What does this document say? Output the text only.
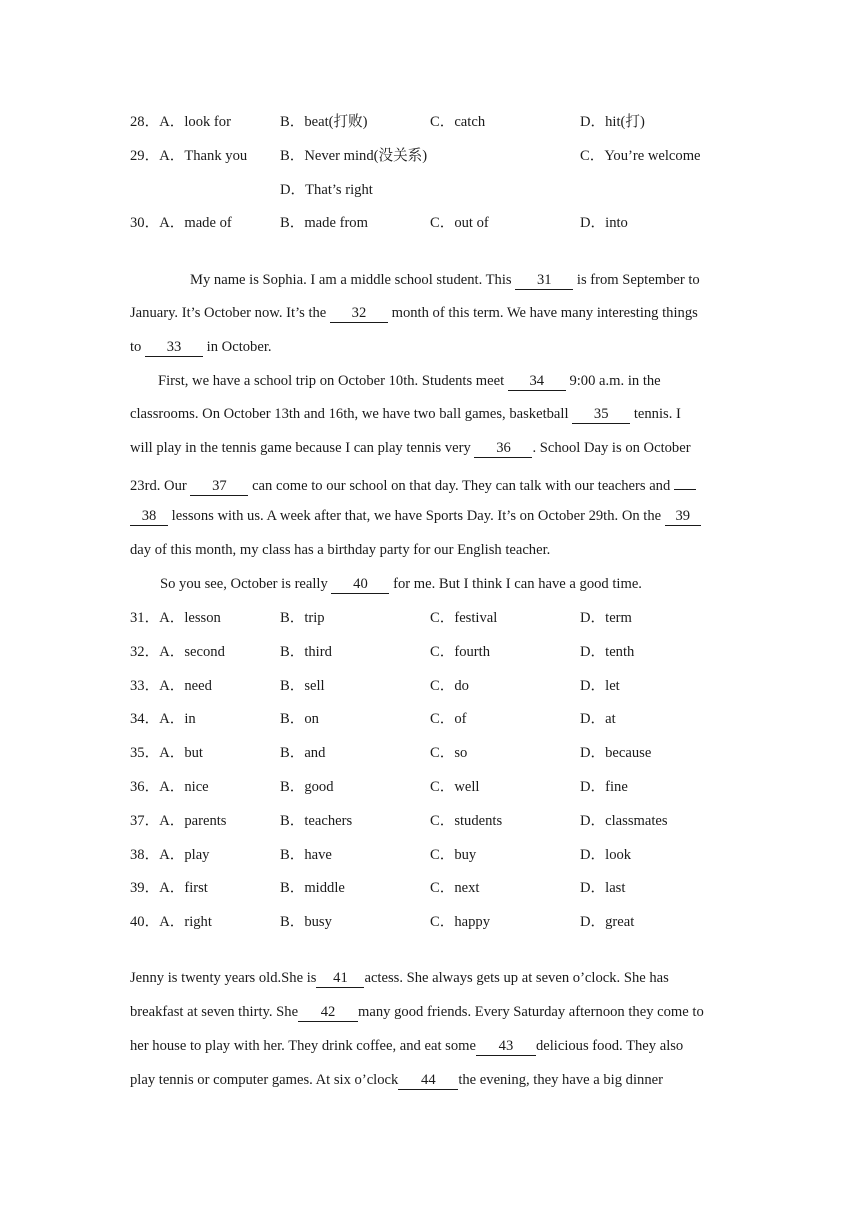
28．A．look for	B．beat(打败)	C．catch	D．hit(打)
29．A．Thank you B．Never mind(没关系)	C．You’re welcome
D．That’s right
30．A．made of	B．made from	C．out of	D．into
My name is Sophia. I am a middle school student. This 31 is from September to
January. It’s October now. It’s the 32 month of this term. We have many interesting things
to 33 in October.
First, we have a school trip on October 10th. Students meet 34 9:00 a.m. in the
classrooms. On October 13th and 16th, we have two ball games, basketball 35 tennis. I
will play in the tennis game because I can play tennis very 36 . School Day is on October
23rd. Our 37 can come to our school on that day. They can talk with our teachers and
38 lessons with us. A week after that, we have Sports Day. It’s on October 29th. On the 39
day of this month, my class has a birthday party for our English teacher.
So you see, October is really 40 for me. But I think I can have a good time.
31．A．lesson	B．trip	C．festival	D．term
32．A．second	B．third	C．fourth	D．tenth
33．A．need	B．sell	C．do	D．let
34．A．in	B．on	C．of	D．at
35．A．but	B．and	C．so	D．because
36．A．nice	B．good	C．well	D．fine
37．A．parents	B．teachers	C．students	D．classmates
38．A．play	B．have	C．buy	D．look
39．A．first	B．middle	C．next	D．last
40．A．right	B．busy	C．happy	D．great
Jenny is twenty years old.She is 41 actess. She always gets up at seven o’clock. She has
breakfast at seven thirty. She 42 many good friends. Every Saturday afternoon they come to
her house to play with her. They drink coffee, and eat some 43 delicious food. They also
play tennis or computer games. At six o’clock 44 the evening, they have a big dinner
